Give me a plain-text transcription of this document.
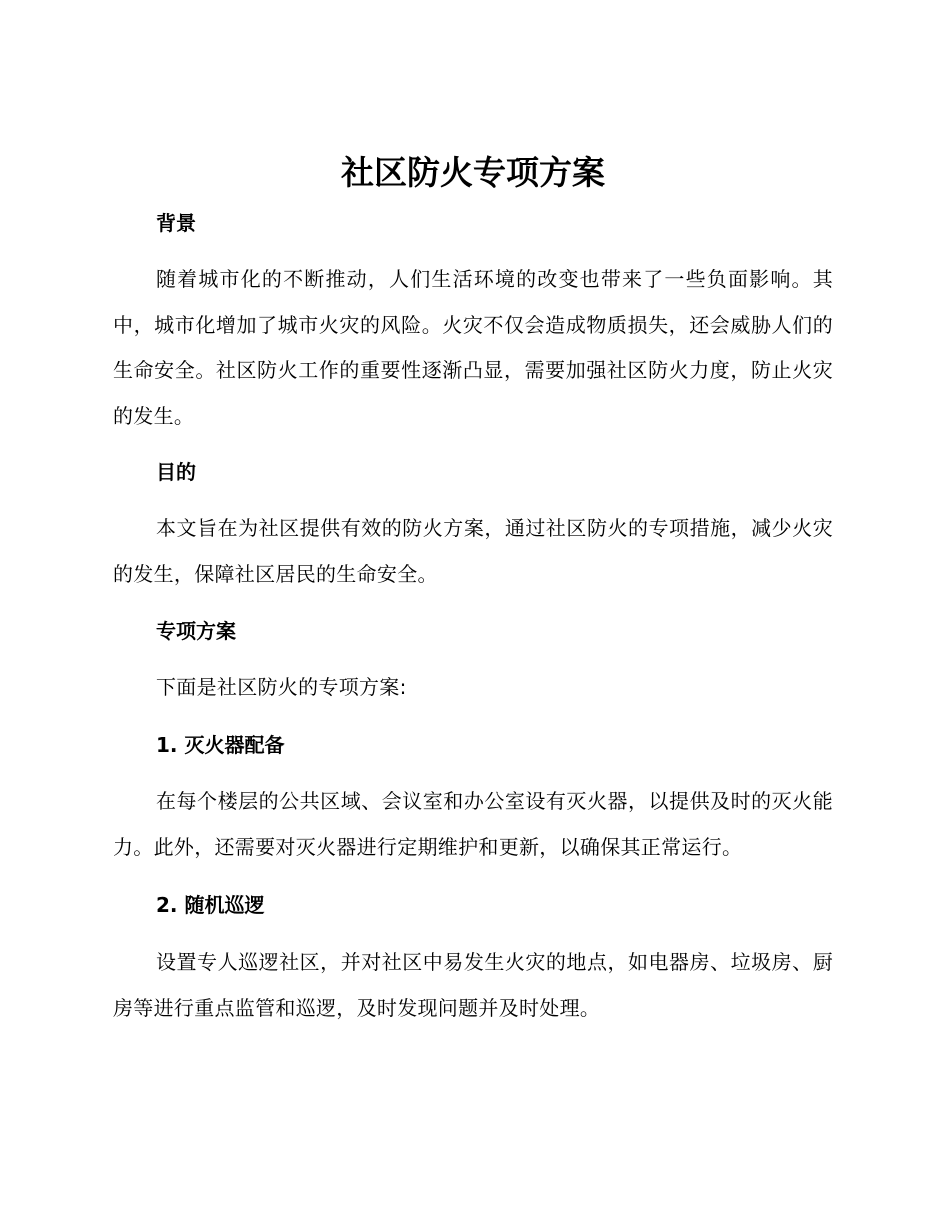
社区防火专项方案
背景

随着城市化的不断推动，人们生活环境的改变也带来了一些负面影响。其中，城市化增加了城市火灾的风险。火灾不仅会造成物质损失，还会威胁人们的生命安全。社区防火工作的重要性逐渐凸显，需要加强社区防火力度，防止火灾的发生。

目的

本文旨在为社区提供有效的防火方案，通过社区防火的专项措施，减少火灾的发生，保障社区居民的生命安全。

专项方案

下面是社区防火的专项方案:

1. 灭火器配备

在每个楼层的公共区域、会议室和办公室设有灭火器，以提供及时的灭火能力。此外，还需要对灭火器进行定期维护和更新，以确保其正常运行。

2. 随机巡逻

设置专人巡逻社区，并对社区中易发生火灾的地点，如电器房、垃圾房、厨房等进行重点监管和巡逻，及时发现问题并及时处理。
